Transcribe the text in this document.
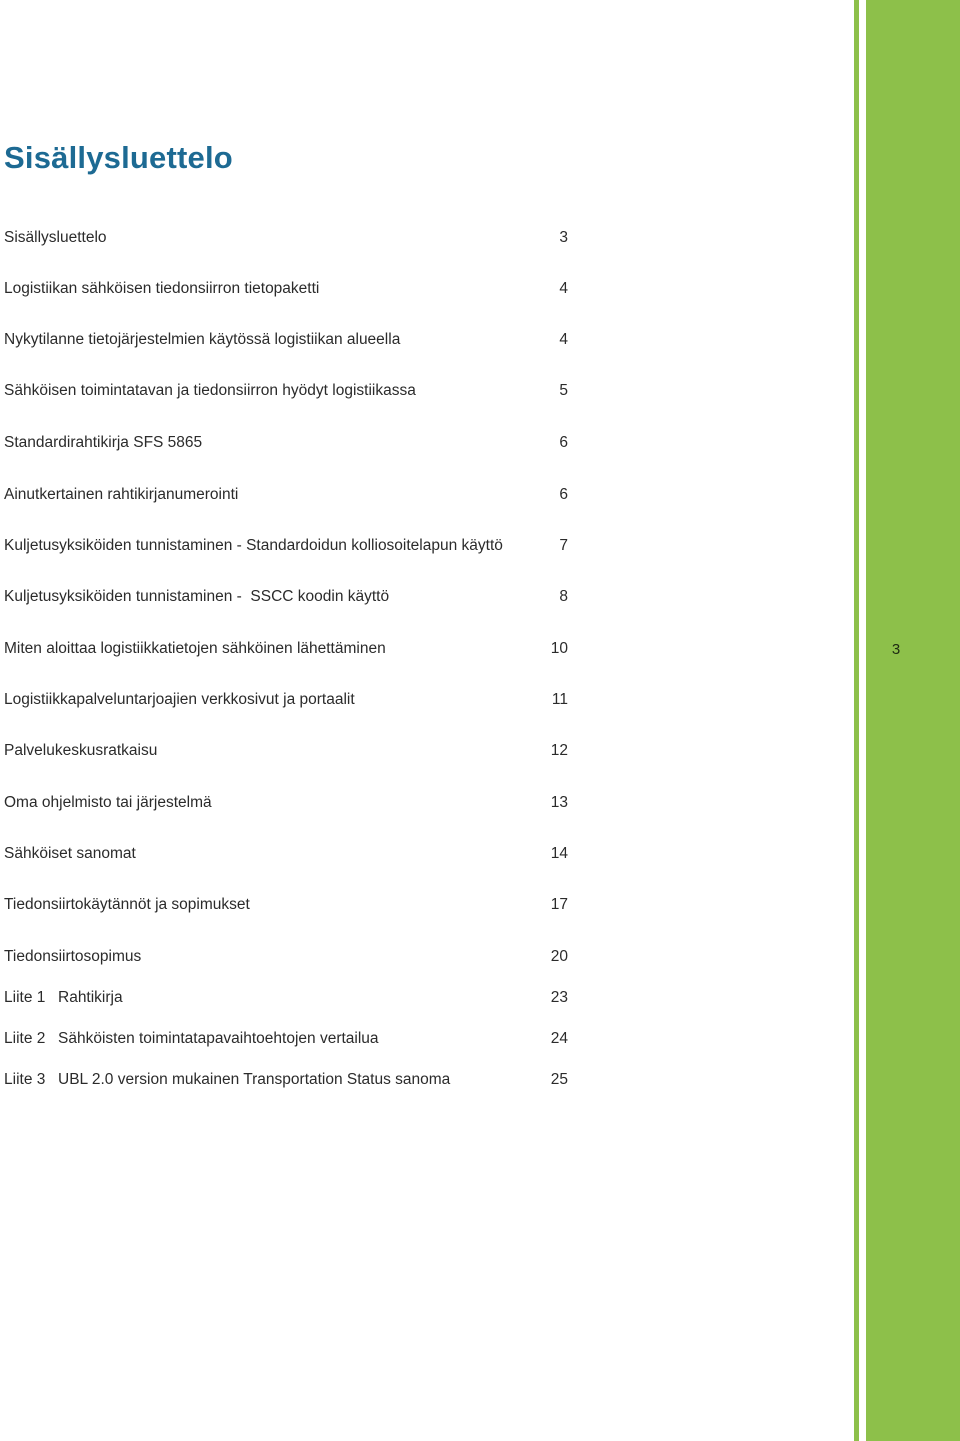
Sisällysluettelo
Sisällysluettelo	3
Logistiikan sähköisen tiedonsiirron tietopaketti	4
Nykytilanne tietojärjestelmien käytössä logistiikan alueella	4
Sähköisen toimintatavan ja tiedonsiirron hyödyt logistiikassa	5
Standardirahtikirja SFS 5865	6
Ainutkertainen rahtikirjanumerointi	6
Kuljetusyksiköiden tunnistaminen - Standardoidun kolliosoitelapun käyttö	7
Kuljetusyksiköiden tunnistaminen -  SSCC koodin käyttö	8
Miten aloittaa logistiikkatietojen sähköinen lähettäminen	10
Logistiikkapalveluntarjoajien verkkosivut ja portaalit	11
Palvelukeskusratkaisu	12
Oma ohjelmisto tai järjestelmä	13
Sähköiset sanomat	14
Tiedonsiirtokäytännöt ja sopimukset	17
Tiedonsiirtosopimus	20
Liite 1 Rahtikirja	23
Liite 2 Sähköisten toimintatapavaihtoehtojen vertailua	24
Liite 3 UBL 2.0 version mukainen Transportation Status sanoma	25
3
